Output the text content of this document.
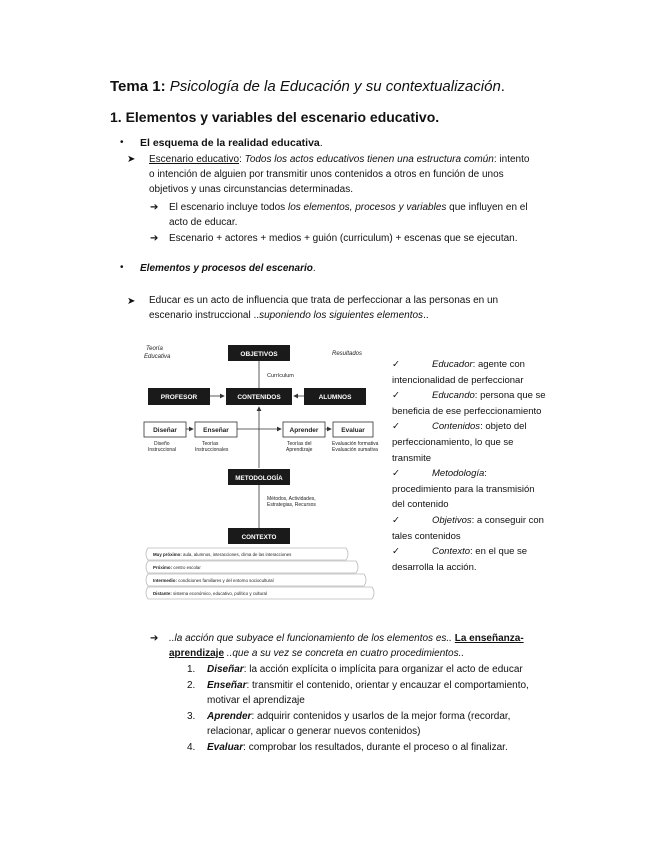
Tema 1: Psicología de la Educación y su contextualización.
1. Elementos y variables del escenario educativo.
• El esquema de la realidad educativa.
➤ Escenario educativo: Todos los actos educativos tienen una estructura común: intento
o intención de alguien por transmitir unos contenidos a otros en función de unos
objetivos y unas circunstancias determinadas.
➔ El escenario incluye todos los elementos, procesos y variables que influyen en el
acto de educar.
➔ Escenario + actores + medios + guión (curriculum) + escenas que se ejecutan.
• Elementos y procesos del escenario.
➤ Educar es un acto de influencia que trata de perfeccionar a las personas en un
escenario instruccional ..suponiendo los siguientes elementos..
Teoría
Educativa	Resultados
OBJETIVOS
Currículum
PROFESOR	CONTENIDOS	ALUMNOS
Diseñar	Enseñar	Aprender	Evaluar
Diseño
Instruccional
Teorías
Instruccionales
Teorías del
Aprendizaje
Evaluación formativa
Evaluación sumativa
METODOLOGÍA
Métodos, Actividades,
Estrategias, Recursos
CONTEXTO
Muy próximo: aula, alumnos, interacciones, clima de las interacciones
Próximo: centro escolar
Intermedio: condiciones familiares y del entorno sociocultural
Distante: sistema económico, educativo, político y cultural
✓	Educador: agente con
intencionalidad de perfeccionar
✓	Educando: persona que se
beneficia de ese perfeccionamiento
✓	Contenidos: objeto del
perfeccionamiento, lo que se
transmite
✓	Metodología:
procedimiento para la transmisión
del contenido
✓	Objetivos: a conseguir con
tales contenidos
✓	Contexto: en el que se
desarrolla la acción.
➔ ..la acción que subyace el funcionamiento de los elementos es.. La enseñanza-
aprendizaje ..que a su vez se concreta en cuatro procedimientos..
1. Diseñar: la acción explícita o implícita para organizar el acto de educar
2. Enseñar: transmitir el contenido, orientar y encauzar el comportamiento,
motivar el aprendizaje
3. Aprender: adquirir contenidos y usarlos de la mejor forma (recordar,
relacionar, aplicar o generar nuevos contenidos)
4. Evaluar: comprobar los resultados, durante el proceso o al finalizar.
